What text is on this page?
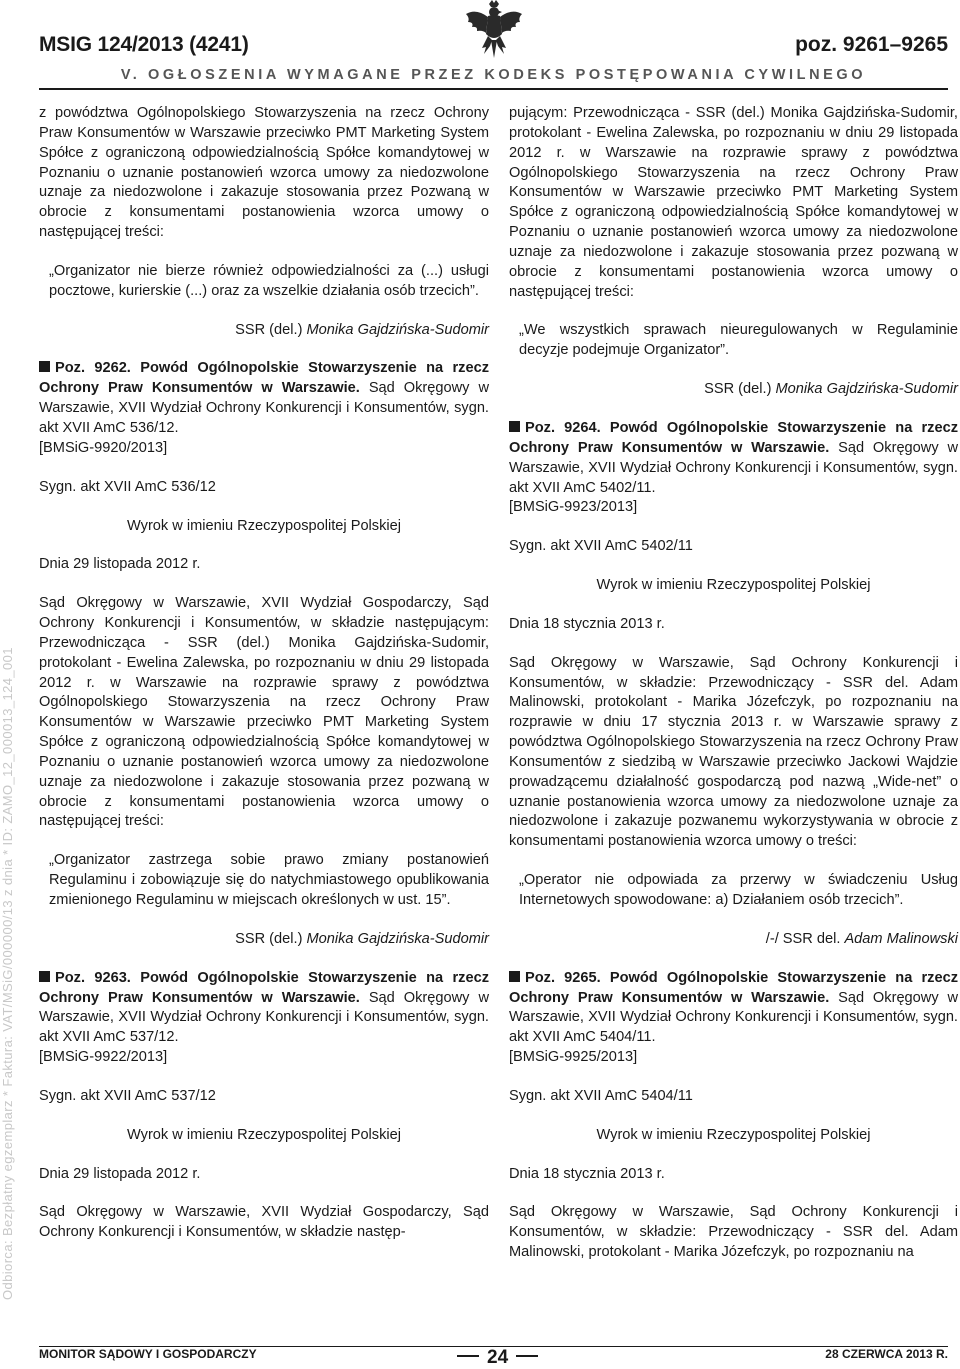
MSIG 124/2013 (4241)	poz. 9261–9265
V. OGŁOSZENIA WYMAGANE PRZEZ KODEKS POSTĘPOWANIA CYWILNEGO
Odbiorca: Bezpłatny egzemplarz * Faktura: VAT/MSiG/000000/13 z dnia * ID: ZAMO_12_000013_124_001

z powództwa Ogólnopolskiego Stowarzyszenia na rzecz Ochrony Praw Konsumentów w Warszawie przeciwko PMT Marketing System Spółce z ograniczoną odpowiedzialnością Spółce komandytowej w Poznaniu o uznanie postanowień wzorca umowy za niedozwolone uznaje za niedozwolone i zakazuje stosowania przez Pozwaną w obrocie z konsumentami postanowienia wzorca umowy o następującej treści:

„Organizator nie bierze również odpowiedzialności za (...) usługi pocztowe, kurierskie (...) oraz za wszelkie działania osób trzecich”.

SSR (del.) Monika Gajdzińska-Sudomir

Poz. 9262. Powód Ogólnopolskie Stowarzyszenie na rzecz Ochrony Praw Konsumentów w Warszawie. Sąd Okręgowy w Warszawie, XVII Wydział Ochrony Konkurencji i Konsumentów, sygn. akt XVII AmC 536/12.

[BMSiG-9920/2013]

Sygn. akt XVII AmC 536/12

Wyrok w imieniu Rzeczypospolitej Polskiej

Dnia 29 listopada 2012 r.

Sąd Okręgowy w Warszawie, XVII Wydział Gospodarczy, Sąd Ochrony Konkurencji i Konsumentów, w składzie następującym: Przewodnicząca - SSR (del.) Monika Gajdzińska-Sudomir, protokolant - Ewelina Zalewska, po rozpoznaniu w dniu 29 listopada 2012 r. w Warszawie na rozprawie sprawy z powództwa Ogólnopolskiego Stowarzyszenia na rzecz Ochrony Praw Konsumentów w Warszawie przeciwko PMT Marketing System Spółce z ograniczoną odpowiedzialnością Spółce komandytowej w Poznaniu o uznanie postanowień wzorca umowy za niedozwolone uznaje za niedozwolone i zakazuje stosowania przez pozwaną w obrocie z konsumentami postanowienia wzorca umowy o następującej treści:

„Organizator zastrzega sobie prawo zmiany postanowień Regulaminu i zobowiązuje się do natychmiastowego opublikowania zmienionego Regulaminu w miejscach określonych w ust. 15”.

SSR (del.) Monika Gajdzińska-Sudomir

Poz. 9263. Powód Ogólnopolskie Stowarzyszenie na rzecz Ochrony Praw Konsumentów w Warszawie. Sąd Okręgowy w Warszawie, XVII Wydział Ochrony Konkurencji i Konsumentów, sygn. akt XVII AmC 537/12.

[BMSiG-9922/2013]

Sygn. akt XVII AmC 537/12

Wyrok w imieniu Rzeczypospolitej Polskiej

Dnia 29 listopada 2012 r.

Sąd Okręgowy w Warszawie, XVII Wydział Gospodarczy, Sąd Ochrony Konkurencji i Konsumentów, w składzie następ-

pującym: Przewodnicząca - SSR (del.) Monika Gajdzińska-Sudomir, protokolant - Ewelina Zalewska, po rozpoznaniu w dniu 29 listopada 2012 r. w Warszawie na rozprawie sprawy z powództwa Ogólnopolskiego Stowarzyszenia na rzecz Ochrony Praw Konsumentów w Warszawie przeciwko PMT Marketing System Spółce z ograniczoną odpowiedzialnością Spółce komandytowej w Poznaniu o uznanie postanowień wzorca umowy za niedozwolone uznaje za niedozwolone i zakazuje stosowania przez pozwaną w obrocie z konsumentami postanowienia wzorca umowy o następującej treści:

„We wszystkich sprawach nieuregulowanych w Regulaminie decyzje podejmuje Organizator”.

SSR (del.) Monika Gajdzińska-Sudomir

Poz. 9264. Powód Ogólnopolskie Stowarzyszenie na rzecz Ochrony Praw Konsumentów w Warszawie. Sąd Okręgowy w Warszawie, XVII Wydział Ochrony Konkurencji i Konsumentów, sygn. akt XVII AmC 5402/11.

[BMSiG-9923/2013]

Sygn. akt XVII AmC 5402/11

Wyrok w imieniu Rzeczypospolitej Polskiej

Dnia 18 stycznia 2013 r.

Sąd Okręgowy w Warszawie, Sąd Ochrony Konkurencji i Konsumentów, w składzie: Przewodniczący - SSR del. Adam Malinowski, protokolant - Marika Józefczyk, po rozpoznaniu na rozprawie w dniu 17 stycznia 2013 r. w Warszawie sprawy z powództwa Ogólnopolskiego Stowarzyszenia na rzecz Ochrony Praw Konsumentów z siedzibą w Warszawie przeciwko Jackowi Wajdzie prowadzącemu działalność gospodarczą pod nazwą „Wide-net” o uznanie postanowienia wzorca umowy za niedozwolone uznaje za niedozwolone i zakazuje pozwanemu wykorzystywania w obrocie z konsumentami postanowienia wzorca umowy o treści:

„Operator nie odpowiada za przerwy w świadczeniu Usług Internetowych spowodowane: a) Działaniem osób trzecich”.

/-/ SSR del. Adam Malinowski

Poz. 9265. Powód Ogólnopolskie Stowarzyszenie na rzecz Ochrony Praw Konsumentów w Warszawie. Sąd Okręgowy w Warszawie, XVII Wydział Ochrony Konkurencji i Konsumentów, sygn. akt XVII AmC 5404/11.

[BMSiG-9925/2013]

Sygn. akt XVII AmC 5404/11

Wyrok w imieniu Rzeczypospolitej Polskiej

Dnia 18 stycznia 2013 r.

Sąd Okręgowy w Warszawie, Sąd Ochrony Konkurencji i Konsumentów, w składzie: Przewodniczący - SSR del. Adam Malinowski, protokolant - Marika Józefczyk, po rozpoznaniu na

MONITOR SĄDOWY I GOSPODARCZY	24	28 CZERWCA 2013 R.
